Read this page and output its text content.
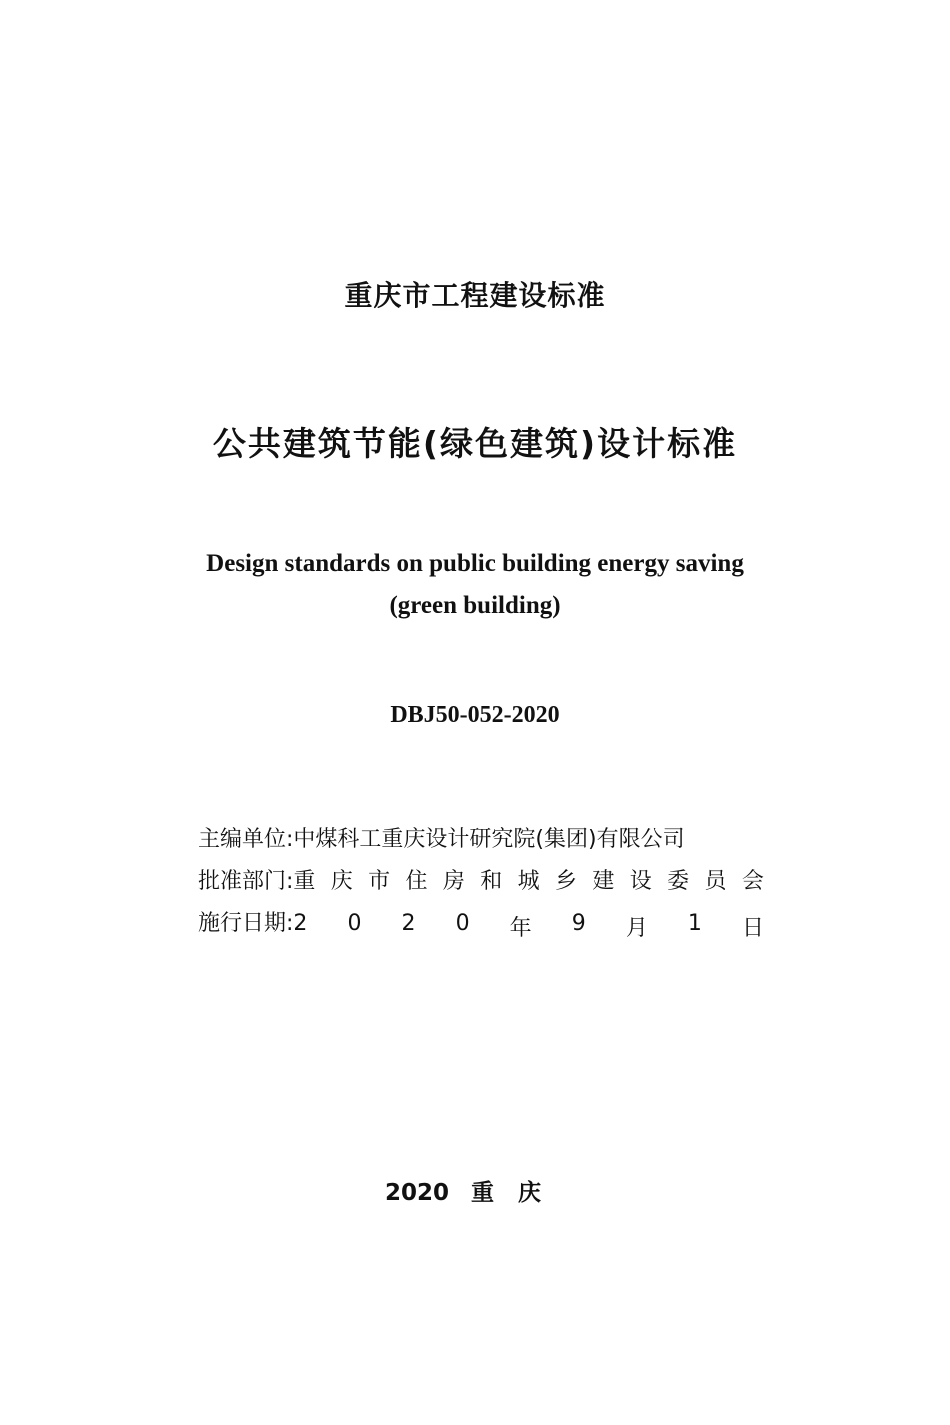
重庆市工程建设标准
公共建筑节能(绿色建筑)设计标准
Design standards on public building energy saving
(green building)
DBJ50-052-2020
主编单位: 中煤科工重庆设计研究院(集团)有限公司
批准部门: 重 庆 市 住 房 和 城 乡 建 设 委 员 会
施行日期: 2 0 2 0 年 9 月 1 日
2020 重庆
